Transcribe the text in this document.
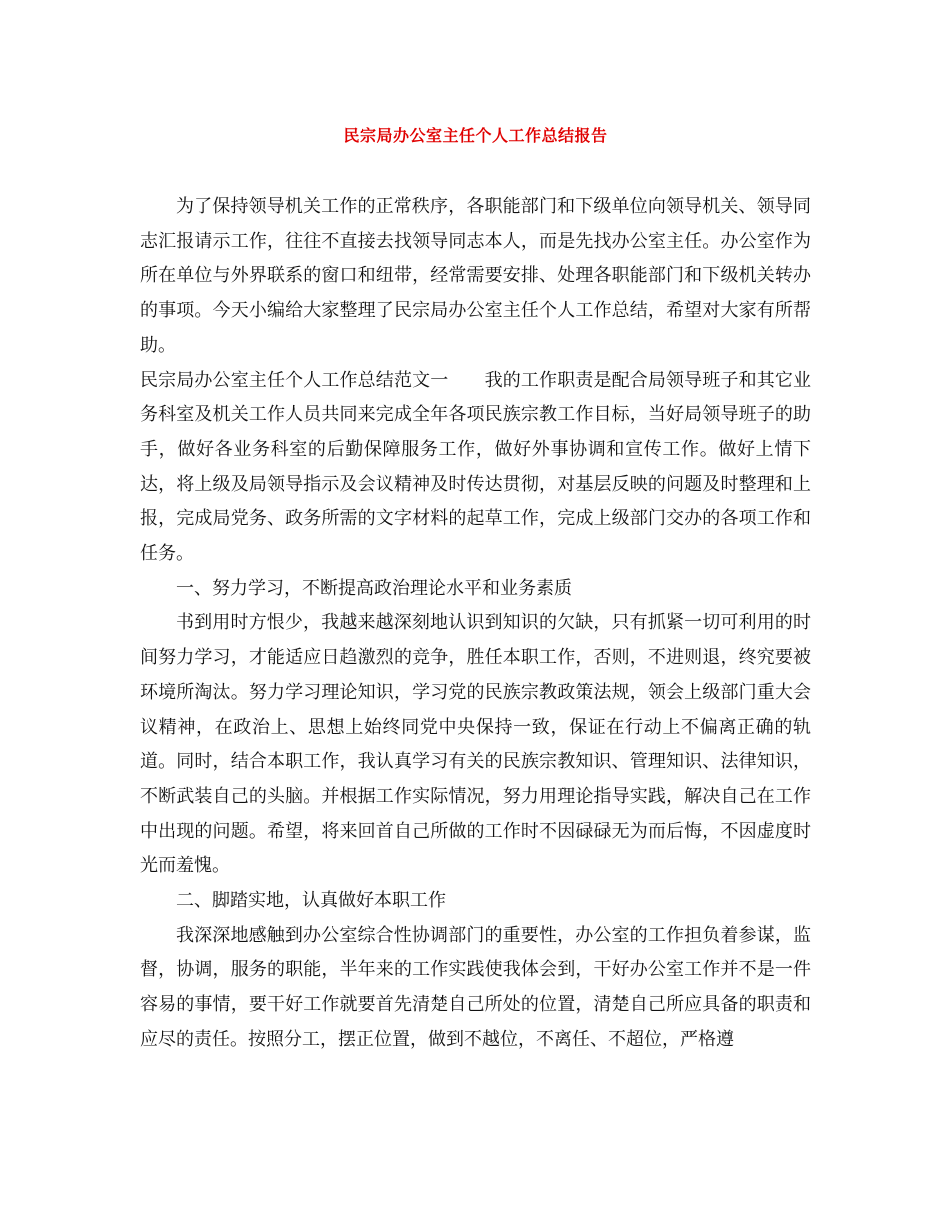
民宗局办公室主任个人工作总结报告

为了保持领导机关工作的正常秩序，各职能部门和下级单位向领导机关、领导同志汇报请示工作，往往不直接去找领导同志本人，而是先找办公室主任。办公室作为所在单位与外界联系的窗口和纽带，经常需要安排、处理各职能部门和下级机关转办的事项。今天小编给大家整理了民宗局办公室主任个人工作总结，希望对大家有所帮助。

民宗局办公室主任个人工作总结范文一　　我的工作职责是配合局领导班子和其它业务科室及机关工作人员共同来完成全年各项民族宗教工作目标，当好局领导班子的助手，做好各业务科室的后勤保障服务工作，做好外事协调和宣传工作。做好上情下达，将上级及局领导指示及会议精神及时传达贯彻，对基层反映的问题及时整理和上报，完成局党务、政务所需的文字材料的起草工作，完成上级部门交办的各项工作和任务。

一、努力学习，不断提高政治理论水平和业务素质

书到用时方恨少，我越来越深刻地认识到知识的欠缺，只有抓紧一切可利用的时间努力学习，才能适应日趋激烈的竞争，胜任本职工作，否则，不进则退，终究要被环境所淘汰。努力学习理论知识，学习党的民族宗教政策法规，领会上级部门重大会议精神，在政治上、思想上始终同党中央保持一致，保证在行动上不偏离正确的轨道。同时，结合本职工作，我认真学习有关的民族宗教知识、管理知识、法律知识，不断武装自己的头脑。并根据工作实际情况，努力用理论指导实践，解决自己在工作中出现的问题。希望，将来回首自己所做的工作时不因碌碌无为而后悔，不因虚度时光而羞愧。

二、脚踏实地，认真做好本职工作

我深深地感触到办公室综合性协调部门的重要性，办公室的工作担负着参谋，监督，协调，服务的职能，半年来的工作实践使我体会到，干好办公室工作并不是一件容易的事情，要干好工作就要首先清楚自己所处的位置，清楚自己所应具备的职责和应尽的责任。按照分工，摆正位置，做到不越位，不离任、不超位，严格遵
